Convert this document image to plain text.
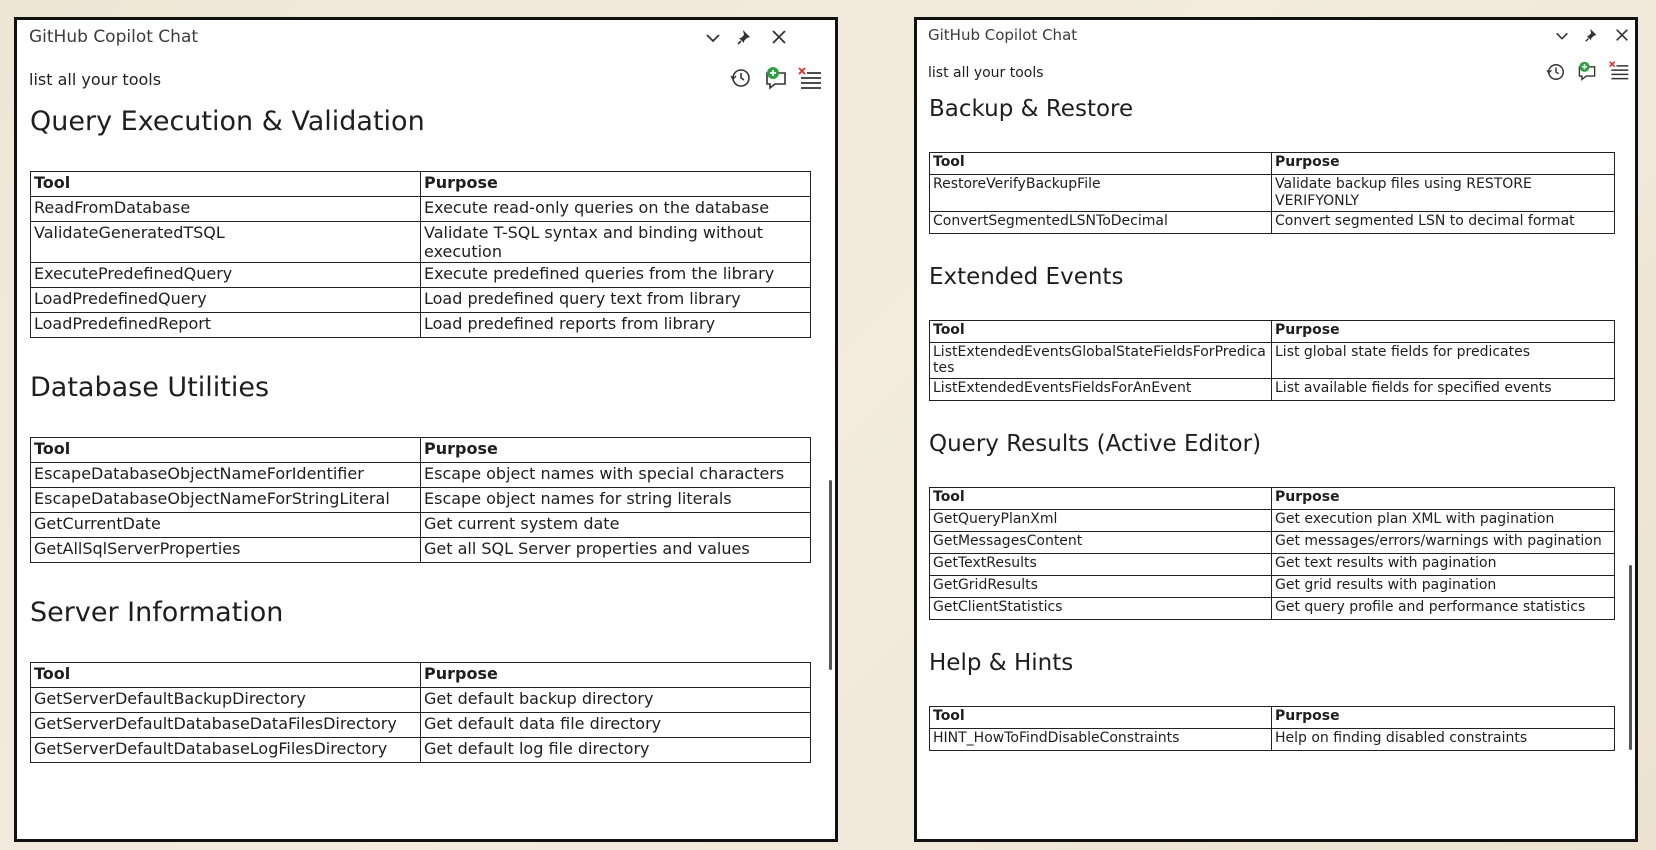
GitHub Copilot Chat
list all your tools
Query Execution & Validation
Tool	Purpose
ReadFromDatabase	Execute read-only queries on the database
ValidateGeneratedTSQL	Validate T-SQL syntax and binding without execution
ExecutePredefinedQuery	Execute predefined queries from the library
LoadPredefinedQuery	Load predefined query text from library
LoadPredefinedReport	Load predefined reports from library
Database Utilities
Tool	Purpose
EscapeDatabaseObjectNameForIdentifier	Escape object names with special characters
EscapeDatabaseObjectNameForStringLiteral	Escape object names for string literals
GetCurrentDate	Get current system date
GetAllSqlServerProperties	Get all SQL Server properties and values
Server Information
Tool	Purpose
GetServerDefaultBackupDirectory	Get default backup directory
GetServerDefaultDatabaseDataFilesDirectory	Get default data file directory
GetServerDefaultDatabaseLogFilesDirectory	Get default log file directory
GitHub Copilot Chat
list all your tools
Backup & Restore
Tool	Purpose
RestoreVerifyBackupFile	Validate backup files using RESTORE VERIFYONLY
ConvertSegmentedLSNToDecimal	Convert segmented LSN to decimal format
Extended Events
Tool	Purpose
ListExtendedEventsGlobalStateFieldsForPredicates	List global state fields for predicates
ListExtendedEventsFieldsForAnEvent	List available fields for specified events
Query Results (Active Editor)
Tool	Purpose
GetQueryPlanXml	Get execution plan XML with pagination
GetMessagesContent	Get messages/errors/warnings with pagination
GetTextResults	Get text results with pagination
GetGridResults	Get grid results with pagination
GetClientStatistics	Get query profile and performance statistics
Help & Hints
Tool	Purpose
HINT_HowToFindDisableConstraints	Help on finding disabled constraints
